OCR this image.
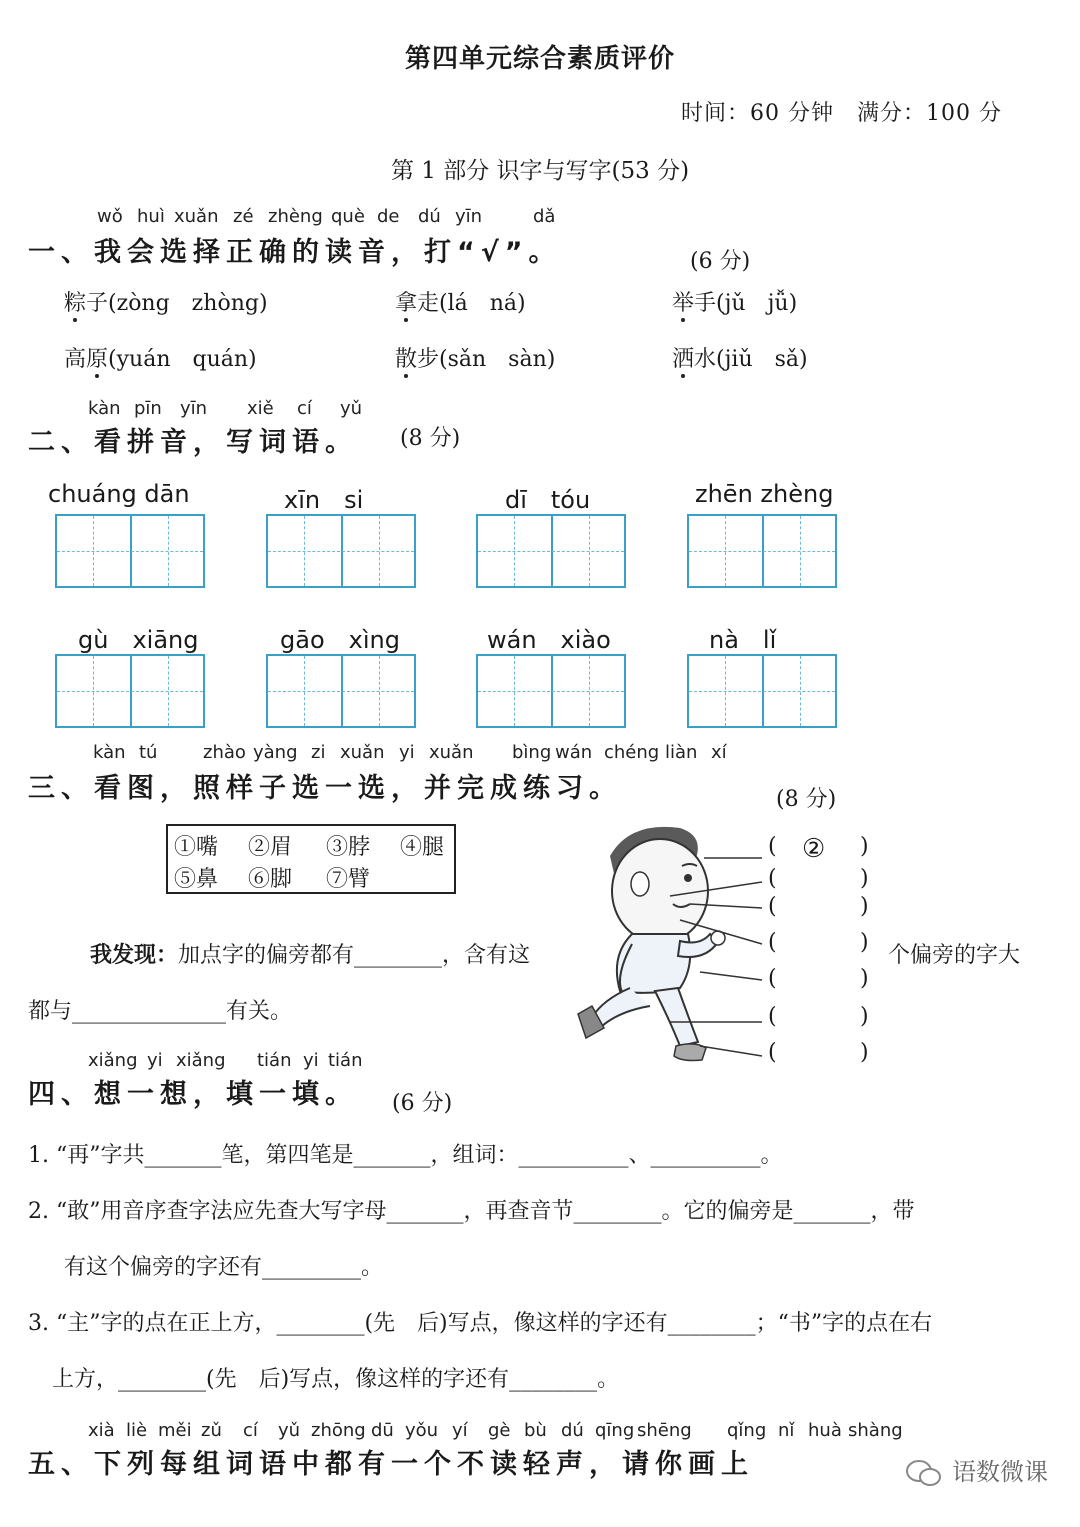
第四单元综合素质评价
时间：60 分钟　满分：100 分
第 1 部分 识字与写字(53 分)
wǒ huì xuǎn zé zhèng què de dú yīn	dǎ
一、我会选择正确的读音，打“√”。	(6 分)
粽子(zòng　zhòng)	拿走(lá　ná)	举手(jǔ　jǚ)
高原(yuán　quán)	散步(sǎn　sàn)	洒水(jiǔ　sǎ)
kàn pīn yīn xiě cí yǔ
二、看拼音，写词语。 (8 分)
chuáng dān	xīn　si	dī　tóu	zhēn zhèng
gù　xiāng	gāo　xìng	wán　xiào	nà　lǐ
kàn tú	zhào yàng zi xuǎn yi xuǎn bìng wán chéng liàn xí
三、看图，照样子选一选，并完成练习。	(8 分)
①嘴 ②眉 ③脖 ④腿
⑤鼻 ⑥脚 ⑦臂
( ② )
(	)
(	)
(	)
(	)
(	)
(	)
我发现：加点字的偏旁都有________，含有这	个偏旁的字大
都与______________有关。
xiǎng yi xiǎng tián yi tián
四、想一想，填一填。 (6 分)
1. “再”字共_______笔，第四笔是_______，组词：__________、__________。
2. “敢”用音序查字法应先查大写字母_______，再查音节________。它的偏旁是_______，带
有这个偏旁的字还有_________。
3. “主”字的点在正上方，________(先　后)写点，像这样的字还有________；“书”字的点在右
上方，________(先　后)写点，像这样的字还有________。
xià liè měi zǔ cí yǔ zhōng dū yǒu yí gè bù dú qīng shēng qǐng nǐ huà shàng
五、下列每组词语中都有一个不读轻声，请你画上	语数微课
